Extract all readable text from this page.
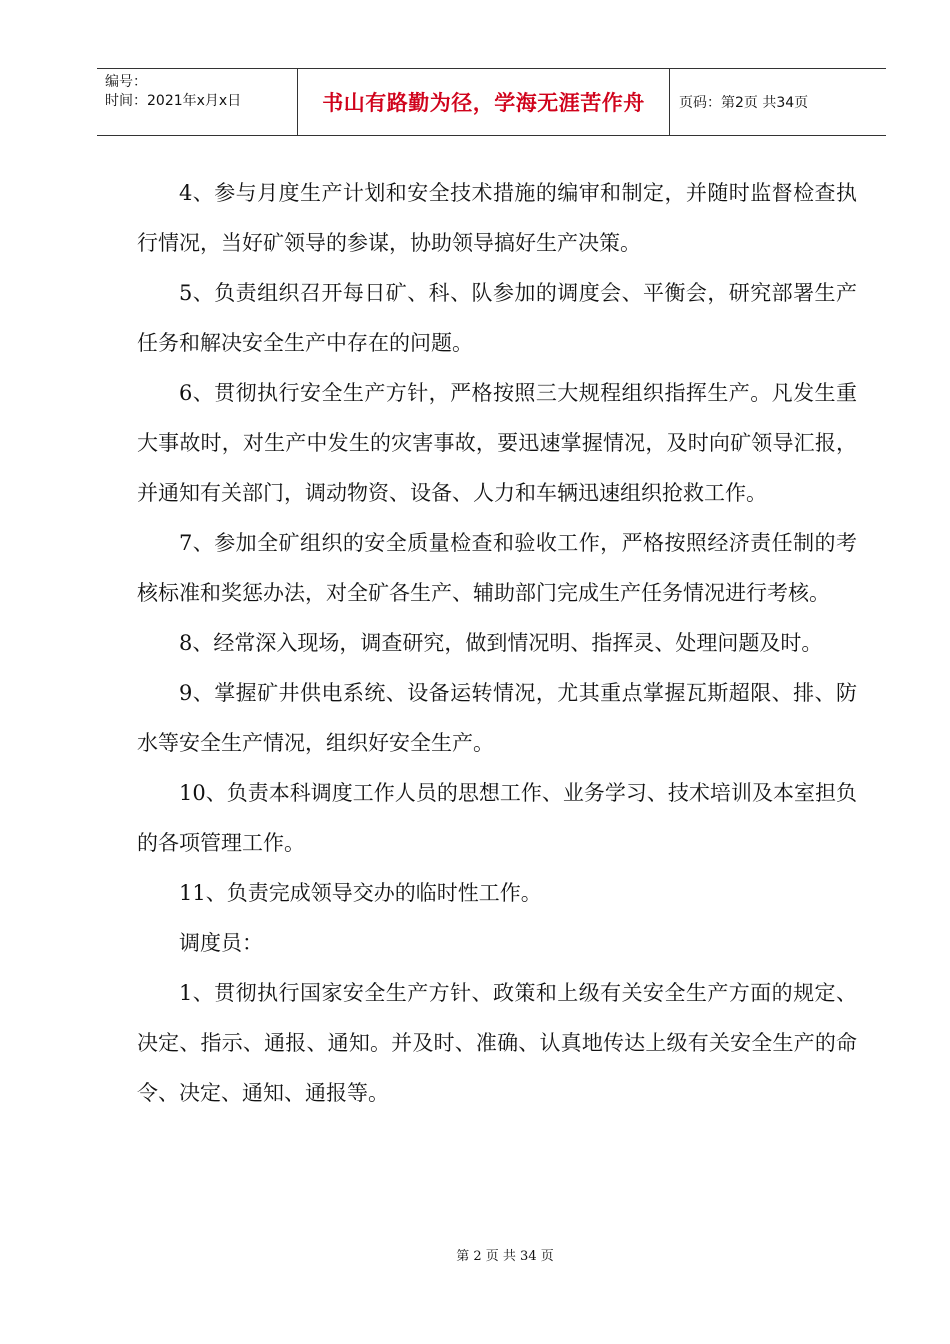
编号：
时间：2021年x月x日	书山有路勤为径，学海无涯苦作舟	页码：第2页 共34页

4、参与月度生产计划和安全技术措施的编审和制定，并随时监督检查执行情况，当好矿领导的参谋，协助领导搞好生产决策。

5、负责组织召开每日矿、科、队参加的调度会、平衡会，研究部署生产任务和解决安全生产中存在的问题。

6、贯彻执行安全生产方针，严格按照三大规程组织指挥生产。凡发生重大事故时，对生产中发生的灾害事故，要迅速掌握情况，及时向矿领导汇报，并通知有关部门，调动物资、设备、人力和车辆迅速组织抢救工作。

7、参加全矿组织的安全质量检查和验收工作，严格按照经济责任制的考核标准和奖惩办法，对全矿各生产、辅助部门完成生产任务情况进行考核。

8、经常深入现场，调查研究，做到情况明、指挥灵、处理问题及时。

9、掌握矿井供电系统、设备运转情况，尤其重点掌握瓦斯超限、排、防水等安全生产情况，组织好安全生产。

10、负责本科调度工作人员的思想工作、业务学习、技术培训及本室担负的各项管理工作。

11、负责完成领导交办的临时性工作。

调度员：

1、贯彻执行国家安全生产方针、政策和上级有关安全生产方面的规定、决定、指示、通报、通知。并及时、准确、认真地传达上级有关安全生产的命令、决定、通知、通报等。

第 2 页 共 34 页
